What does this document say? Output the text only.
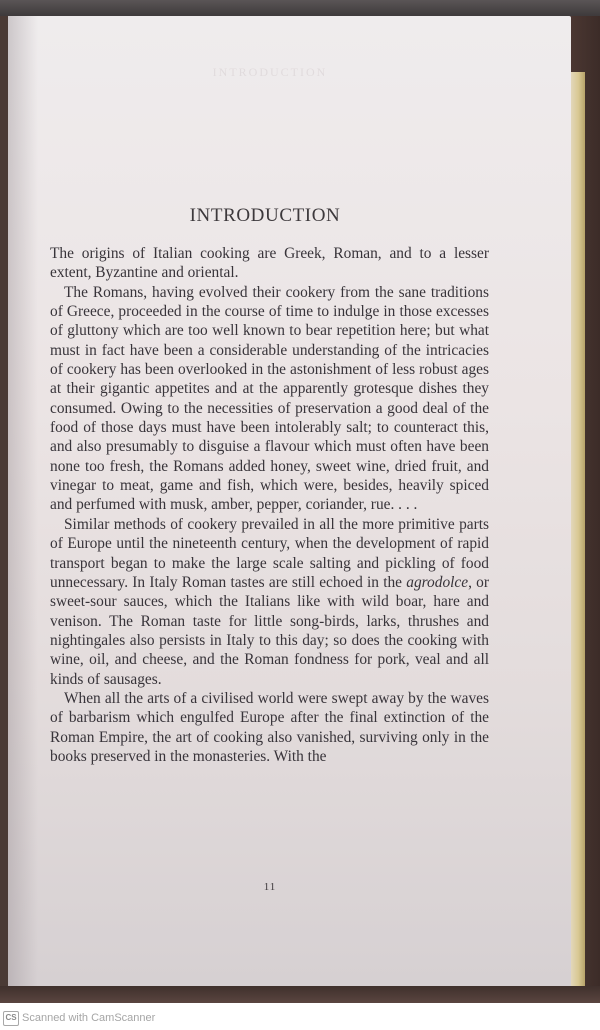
INTRODUCTION
INTRODUCTION

The origins of Italian cooking are Greek, Roman, and to a lesser extent, Byzantine and oriental.

The Romans, having evolved their cookery from the sane traditions of Greece, proceeded in the course of time to indulge in those excesses of gluttony which are too well known to bear repetition here; but what must in fact have been a considerable understanding of the intricacies of cookery has been overlooked in the astonishment of less robust ages at their gigantic appetites and at the apparently grotesque dishes they consumed. Owing to the necessities of preservation a good deal of the food of those days must have been intolerably salt; to counteract this, and also presumably to disguise a flavour which must often have been none too fresh, the Romans added honey, sweet wine, dried fruit, and vinegar to meat, game and fish, which were, besides, heavily spiced and perfumed with musk, amber, pepper, coriander, rue. . . .

Similar methods of cookery prevailed in all the more primitive parts of Europe until the nineteenth century, when the development of rapid transport began to make the large scale salting and pickling of food unnecessary. In Italy Roman tastes are still echoed in the agrodolce, or sweet-sour sauces, which the Italians like with wild boar, hare and venison. The Roman taste for little song-birds, larks, thrushes and nightingales also persists in Italy to this day; so does the cooking with wine, oil, and cheese, and the Roman fondness for pork, veal and all kinds of sausages.

When all the arts of a civilised world were swept away by the waves of barbarism which engulfed Europe after the final extinction of the Roman Empire, the art of cooking also vanished, surviving only in the books preserved in the monasteries. With the

11
CS Scanned with CamScanner
